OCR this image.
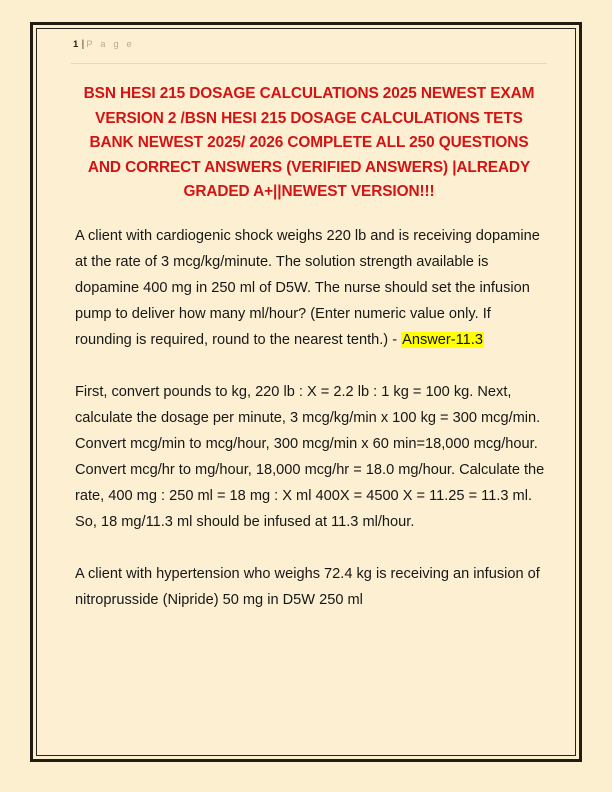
1 | P a g e
BSN HESI 215 DOSAGE CALCULATIONS 2025 NEWEST EXAM VERSION 2 /BSN HESI 215 DOSAGE CALCULATIONS TETS BANK NEWEST 2025/ 2026 COMPLETE ALL 250 QUESTIONS AND CORRECT ANSWERS (VERIFIED ANSWERS) |ALREADY GRADED A+||NEWEST VERSION!!!

A client with cardiogenic shock weighs 220 lb and is receiving dopamine at the rate of 3 mcg/kg/minute. The solution strength available is dopamine 400 mg in 250 ml of D5W. The nurse should set the infusion pump to deliver how many ml/hour? (Enter numeric value only. If rounding is required, round to the nearest tenth.) - Answer-11.3

First, convert pounds to kg, 220 lb : X = 2.2 lb : 1 kg = 100 kg. Next, calculate the dosage per minute, 3 mcg/kg/min x 100 kg = 300 mcg/min. Convert mcg/min to mcg/hour, 300 mcg/min x 60 min=18,000 mcg/hour. Convert mcg/hr to mg/hour, 18,000 mcg/hr = 18.0 mg/hour. Calculate the rate, 400 mg : 250 ml = 18 mg : X ml 400X = 4500 X = 11.25 = 11.3 ml. So, 18 mg/11.3 ml should be infused at 11.3 ml/hour.

A client with hypertension who weighs 72.4 kg is receiving an infusion of nitroprusside (Nipride) 50 mg in D5W 250 ml
